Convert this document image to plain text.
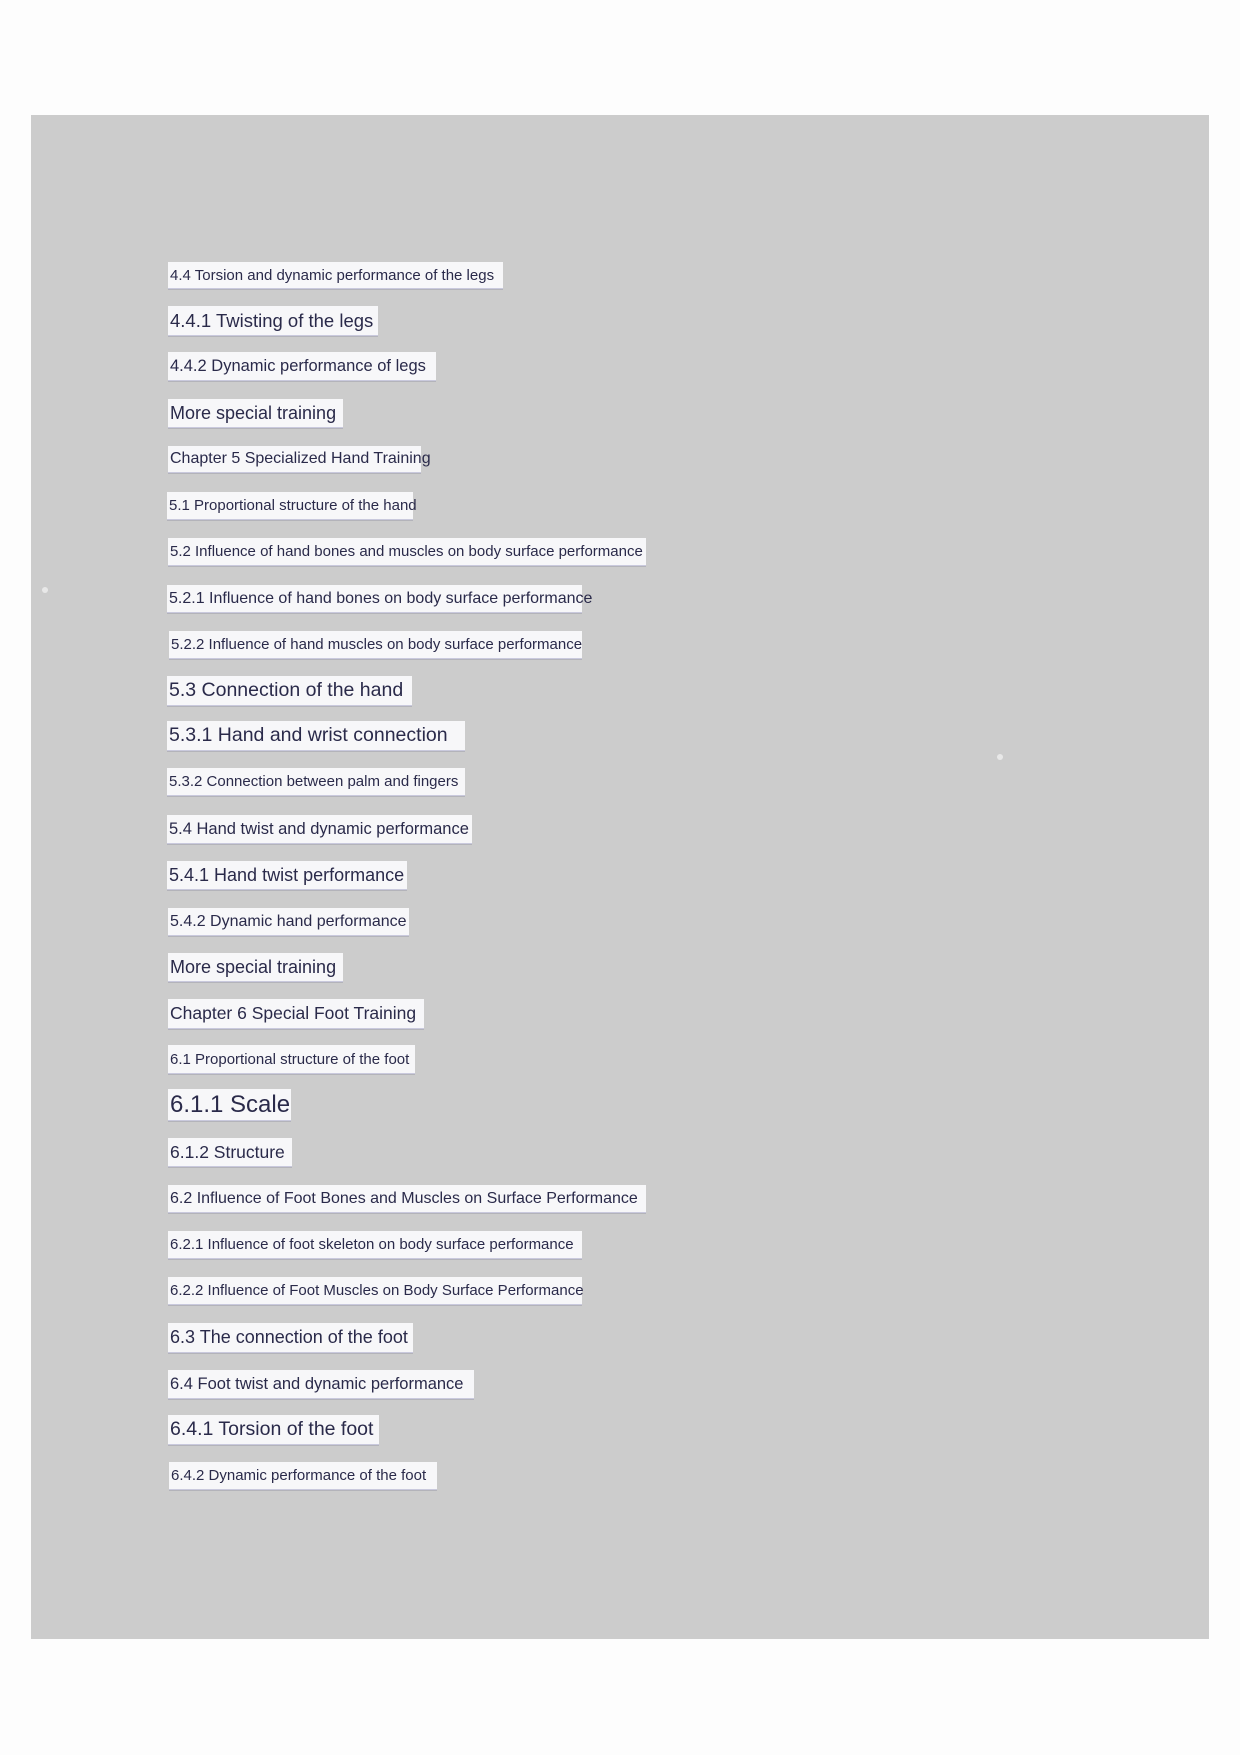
4.4 Torsion and dynamic performance of the legs
4.4.1 Twisting of the legs
4.4.2 Dynamic performance of legs
More special training
Chapter 5 Specialized Hand Training
5.1 Proportional structure of the hand
5.2 Influence of hand bones and muscles on body surface performance
5.2.1 Influence of hand bones on body surface performance
5.2.2 Influence of hand muscles on body surface performance
5.3 Connection of the hand
5.3.1 Hand and wrist connection
5.3.2 Connection between palm and fingers
5.4 Hand twist and dynamic performance
5.4.1 Hand twist performance
5.4.2 Dynamic hand performance
More special training
Chapter 6 Special Foot Training
6.1 Proportional structure of the foot
6.1.1 Scale
6.1.2 Structure
6.2 Influence of Foot Bones and Muscles on Surface Performance
6.2.1 Influence of foot skeleton on body surface performance
6.2.2 Influence of Foot Muscles on Body Surface Performance
6.3 The connection of the foot
6.4 Foot twist and dynamic performance
6.4.1 Torsion of the foot
6.4.2 Dynamic performance of the foot
